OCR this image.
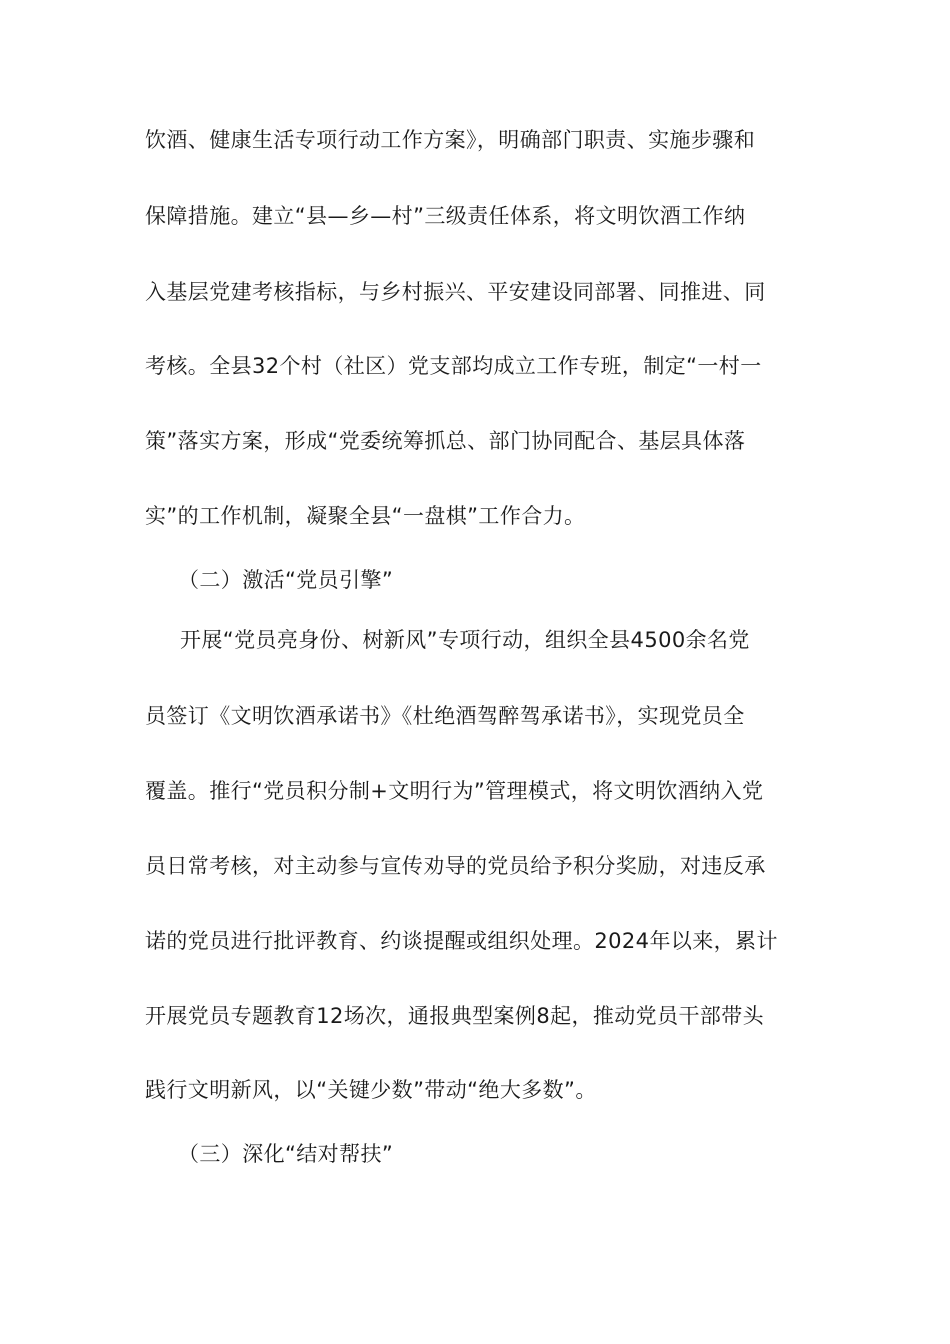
饮酒、健康生活专项行动工作方案》，明确部门职责、实施步骤和
保障措施。建立“县—乡—村”三级责任体系，将文明饮酒工作纳
入基层党建考核指标，与乡村振兴、平安建设同部署、同推进、同
考核。全县32个村（社区）党支部均成立工作专班，制定“一村一
策”落实方案，形成“党委统筹抓总、部门协同配合、基层具体落
实”的工作机制，凝聚全县“一盘棋”工作合力。
（二）激活“党员引擎”
开展“党员亮身份、树新风”专项行动，组织全县4500余名党
员签订《文明饮酒承诺书》《杜绝酒驾醉驾承诺书》，实现党员全
覆盖。推行“党员积分制+文明行为”管理模式，将文明饮酒纳入党
员日常考核，对主动参与宣传劝导的党员给予积分奖励，对违反承
诺的党员进行批评教育、约谈提醒或组织处理。2024年以来，累计
开展党员专题教育12场次，通报典型案例8起，推动党员干部带头
践行文明新风，以“关键少数”带动“绝大多数”。
（三）深化“结对帮扶”
